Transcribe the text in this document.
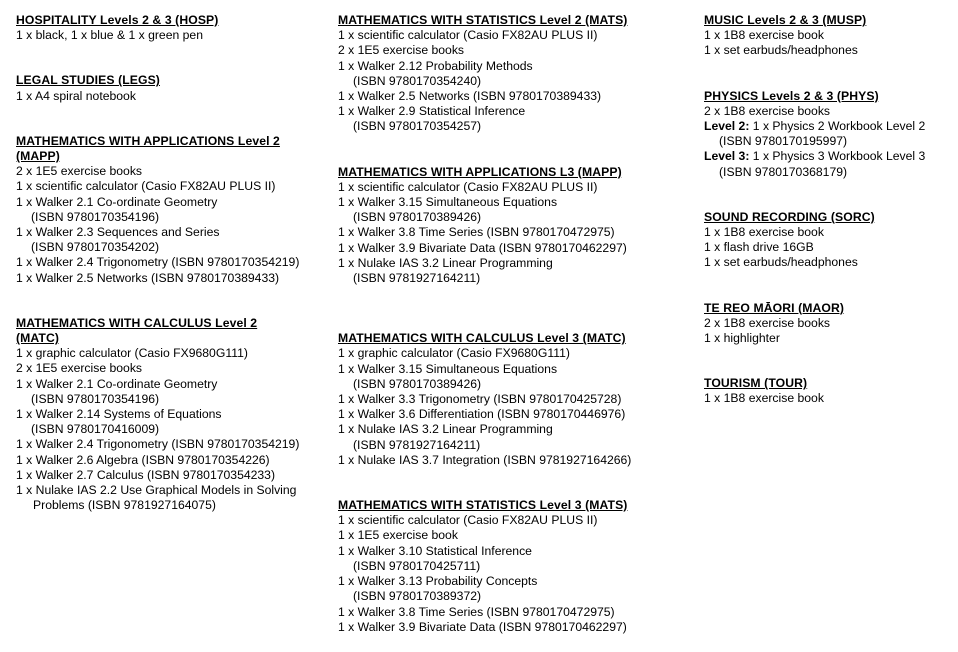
HOSPITALITY Levels 2 & 3 (HOSP)
1 x black, 1 x blue & 1 x green pen
LEGAL STUDIES (LEGS)
1 x A4 spiral notebook
MATHEMATICS WITH APPLICATIONS Level 2
(MAPP)
2 x 1E5 exercise books
1 x scientific calculator (Casio FX82AU PLUS II)
1 x Walker 2.1 Co-ordinate Geometry
(ISBN 9780170354196)
1 x Walker 2.3 Sequences and Series
(ISBN 9780170354202)
1 x Walker 2.4 Trigonometry (ISBN 9780170354219)
1 x Walker 2.5 Networks (ISBN 9780170389433)
MATHEMATICS WITH CALCULUS Level 2
(MATC)
1 x graphic calculator (Casio FX9680G111)
2 x 1E5 exercise books
1 x Walker 2.1 Co-ordinate Geometry
(ISBN 9780170354196)
1 x Walker 2.14 Systems of Equations
(ISBN 9780170416009)
1 x Walker 2.4 Trigonometry (ISBN 9780170354219)
1 x Walker 2.6 Algebra (ISBN 9780170354226)
1 x Walker 2.7 Calculus (ISBN 9780170354233)
1 x Nulake IAS 2.2 Use Graphical Models in Solving
Problems (ISBN 9781927164075)
MATHEMATICS WITH STATISTICS Level 2 (MATS)
1 x scientific calculator (Casio FX82AU PLUS II)
2 x 1E5 exercise books
1 x Walker 2.12 Probability Methods
(ISBN 9780170354240)
1 x Walker 2.5 Networks (ISBN 9780170389433)
1 x Walker 2.9 Statistical Inference
(ISBN 9780170354257)
MATHEMATICS WITH APPLICATIONS L3 (MAPP)
1 x scientific calculator (Casio FX82AU PLUS II)
1 x Walker 3.15 Simultaneous Equations
(ISBN 9780170389426)
1 x Walker 3.8 Time Series (ISBN 9780170472975)
1 x Walker 3.9 Bivariate Data (ISBN 9780170462297)
1 x Nulake IAS 3.2 Linear Programming
(ISBN 9781927164211)
MATHEMATICS WITH CALCULUS Level 3 (MATC)
1 x graphic calculator (Casio FX9680G111)
1 x Walker 3.15 Simultaneous Equations
(ISBN 9780170389426)
1 x Walker 3.3 Trigonometry (ISBN 9780170425728)
1 x Walker 3.6 Differentiation (ISBN 9780170446976)
1 x Nulake IAS 3.2 Linear Programming
(ISBN 9781927164211)
1 x Nulake IAS 3.7 Integration (ISBN 9781927164266)
MATHEMATICS WITH STATISTICS Level 3 (MATS)
1 x scientific calculator (Casio FX82AU PLUS II)
1 x 1E5 exercise book
1 x Walker 3.10 Statistical Inference
(ISBN 9780170425711)
1 x Walker 3.13 Probability Concepts
(ISBN 9780170389372)
1 x Walker 3.8 Time Series (ISBN 9780170472975)
1 x Walker 3.9 Bivariate Data (ISBN 9780170462297)
MUSIC Levels 2 & 3 (MUSP)
1 x 1B8 exercise book
1 x set earbuds/headphones
PHYSICS Levels 2 & 3 (PHYS)
2 x 1B8 exercise books
Level 2: 1 x Physics 2 Workbook Level 2
(ISBN 9780170195997)
Level 3: 1 x Physics 3 Workbook Level 3
(ISBN 9780170368179)
SOUND RECORDING (SORC)
1 x 1B8 exercise book
1 x flash drive 16GB
1 x set earbuds/headphones
TE REO MĀORI (MAOR)
2 x 1B8 exercise books
1 x highlighter
TOURISM (TOUR)
1 x 1B8 exercise book
